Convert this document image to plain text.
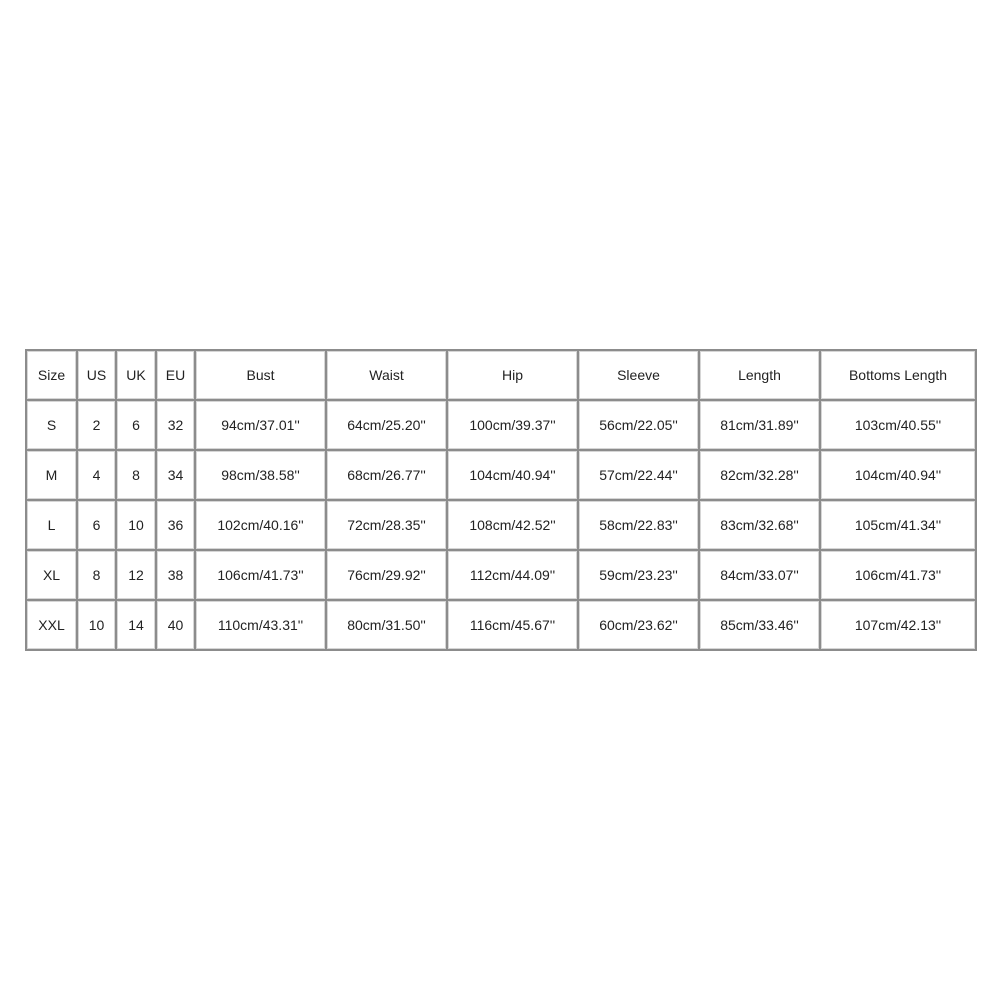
Size	US	UK	EU	Bust	Waist	Hip	Sleeve	Length	Bottoms Length
S	2	6	32	94cm/37.01''	64cm/25.20''	100cm/39.37''	56cm/22.05''	81cm/31.89''	103cm/40.55''
M	4	8	34	98cm/38.58''	68cm/26.77''	104cm/40.94''	57cm/22.44''	82cm/32.28''	104cm/40.94''
L	6	10	36	102cm/40.16''	72cm/28.35''	108cm/42.52''	58cm/22.83''	83cm/32.68''	105cm/41.34''
XL	8	12	38	106cm/41.73''	76cm/29.92''	112cm/44.09''	59cm/23.23''	84cm/33.07''	106cm/41.73''
XXL	10	14	40	110cm/43.31''	80cm/31.50''	116cm/45.67''	60cm/23.62''	85cm/33.46''	107cm/42.13''
